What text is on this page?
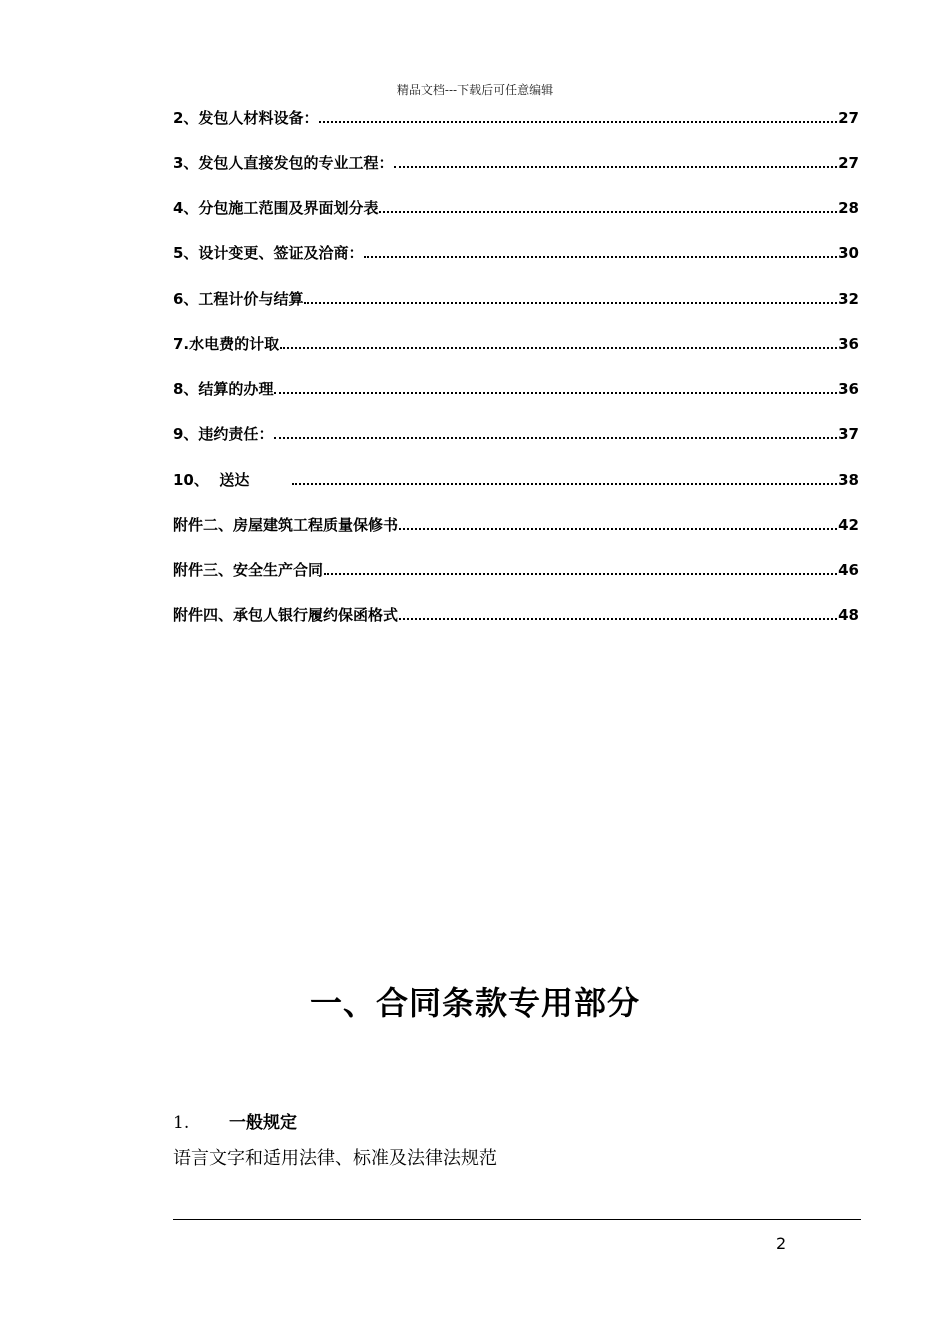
精品文档---下载后可任意编辑
2、发包人材料设备：	27
3、发包人直接发包的专业工程：	27
4、分包施工范围及界面划分表	28
5、设计变更、签证及洽商：	30
6、工程计价与结算	32
7.水电费的计取	36
8、结算的办理	36
9、违约责任：	37
10、  送达	38
附件二、房屋建筑工程质量保修书	42
附件三、安全生产合同	46
附件四、承包人银行履约保函格式	48
一、合同条款专用部分
1. 一般规定
语言文字和适用法律、标准及法律法规范
2
